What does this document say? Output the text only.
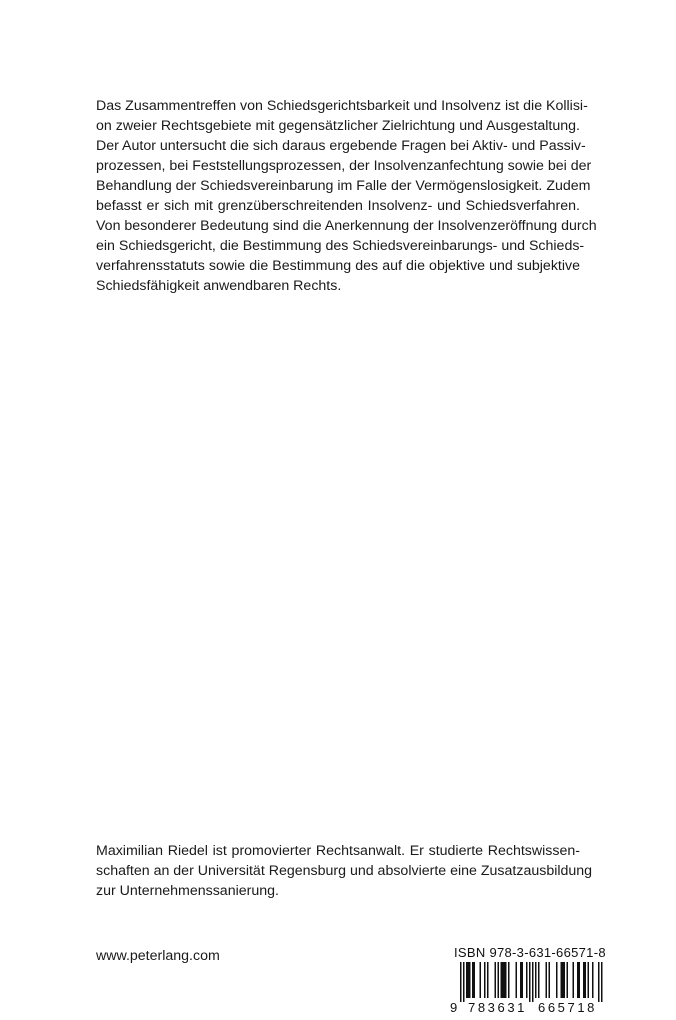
Das Zusammentreffen von Schiedsgerichtsbarkeit und Insolvenz ist die Kollisi-
on zweier Rechtsgebiete mit gegensätzlicher Zielrichtung und Ausgestaltung.
Der Autor untersucht die sich daraus ergebende Fragen bei Aktiv- und Passiv-
prozessen, bei Feststellungsprozessen, der Insolvenzanfechtung sowie bei der
Behandlung der Schiedsvereinbarung im Falle der Vermögenslosigkeit. Zudem
befasst er sich mit grenzüberschreitenden Insolvenz- und Schiedsverfahren.
Von besonderer Bedeutung sind die Anerkennung der Insolvenzeröffnung durch
ein Schiedsgericht, die Bestimmung des Schiedsvereinbarungs- und Schieds-
verfahrensstatuts sowie die Bestimmung des auf die objektive und subjektive
Schiedsfähigkeit anwendbaren Rechts.
Maximilian Riedel ist promovierter Rechtsanwalt. Er studierte Rechtswissen-
schaften an der Universität Regensburg und absolvierte eine Zusatzausbildung
zur Unternehmenssanierung.
www.peterlang.com	ISBN 978-3-631-66571-8
9 783631 665718
